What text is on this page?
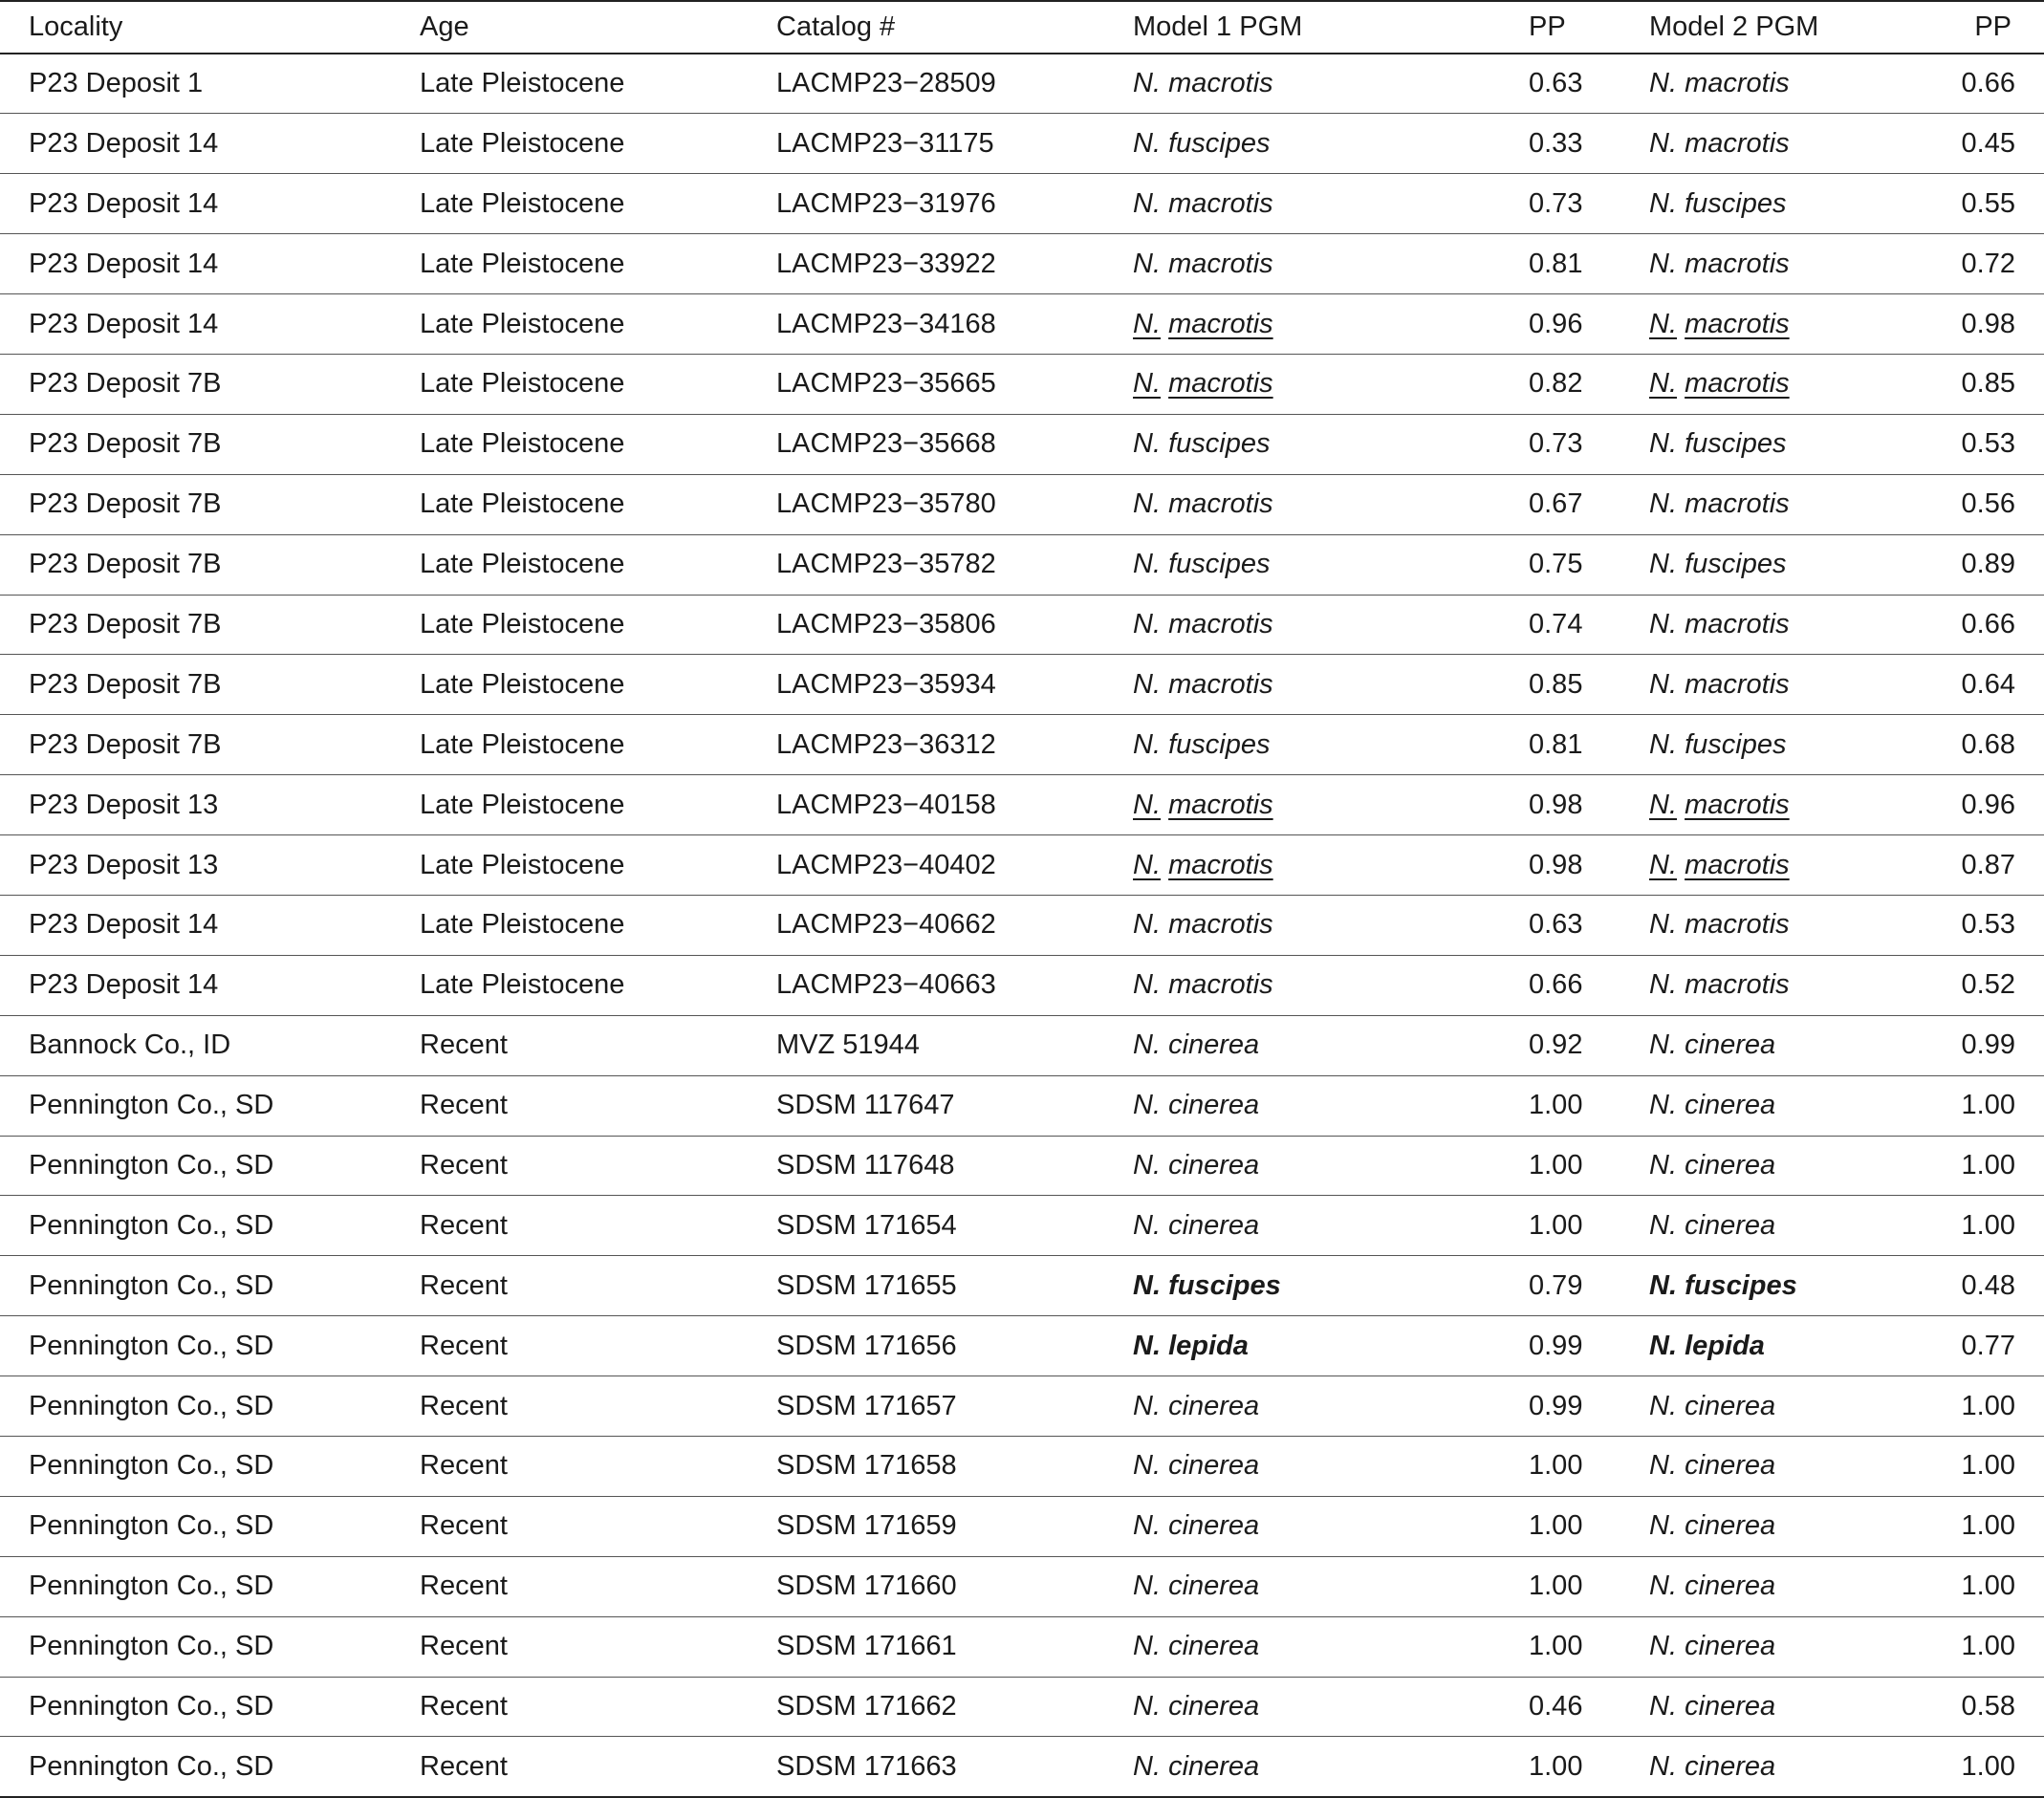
Locality	Age	Catalog #	Model 1 PGM	PP	Model 2 PGM	PP
P23 Deposit 1	Late Pleistocene	LACMP23−28509	N. macrotis	0.63	N. macrotis	0.66
P23 Deposit 14	Late Pleistocene	LACMP23−31175	N. fuscipes	0.33	N. macrotis	0.45
P23 Deposit 14	Late Pleistocene	LACMP23−31976	N. macrotis	0.73	N. fuscipes	0.55
P23 Deposit 14	Late Pleistocene	LACMP23−33922	N. macrotis	0.81	N. macrotis	0.72
P23 Deposit 14	Late Pleistocene	LACMP23−34168	N. macrotis	0.96	N. macrotis	0.98
P23 Deposit 7B	Late Pleistocene	LACMP23−35665	N. macrotis	0.82	N. macrotis	0.85
P23 Deposit 7B	Late Pleistocene	LACMP23−35668	N. fuscipes	0.73	N. fuscipes	0.53
P23 Deposit 7B	Late Pleistocene	LACMP23−35780	N. macrotis	0.67	N. macrotis	0.56
P23 Deposit 7B	Late Pleistocene	LACMP23−35782	N. fuscipes	0.75	N. fuscipes	0.89
P23 Deposit 7B	Late Pleistocene	LACMP23−35806	N. macrotis	0.74	N. macrotis	0.66
P23 Deposit 7B	Late Pleistocene	LACMP23−35934	N. macrotis	0.85	N. macrotis	0.64
P23 Deposit 7B	Late Pleistocene	LACMP23−36312	N. fuscipes	0.81	N. fuscipes	0.68
P23 Deposit 13	Late Pleistocene	LACMP23−40158	N. macrotis	0.98	N. macrotis	0.96
P23 Deposit 13	Late Pleistocene	LACMP23−40402	N. macrotis	0.98	N. macrotis	0.87
P23 Deposit 14	Late Pleistocene	LACMP23−40662	N. macrotis	0.63	N. macrotis	0.53
P23 Deposit 14	Late Pleistocene	LACMP23−40663	N. macrotis	0.66	N. macrotis	0.52
Bannock Co., ID	Recent	MVZ 51944	N. cinerea	0.92	N. cinerea	0.99
Pennington Co., SD	Recent	SDSM 117647	N. cinerea	1.00	N. cinerea	1.00
Pennington Co., SD	Recent	SDSM 117648	N. cinerea	1.00	N. cinerea	1.00
Pennington Co., SD	Recent	SDSM 171654	N. cinerea	1.00	N. cinerea	1.00
Pennington Co., SD	Recent	SDSM 171655	N. fuscipes	0.79	N. fuscipes	0.48
Pennington Co., SD	Recent	SDSM 171656	N. lepida	0.99	N. lepida	0.77
Pennington Co., SD	Recent	SDSM 171657	N. cinerea	0.99	N. cinerea	1.00
Pennington Co., SD	Recent	SDSM 171658	N. cinerea	1.00	N. cinerea	1.00
Pennington Co., SD	Recent	SDSM 171659	N. cinerea	1.00	N. cinerea	1.00
Pennington Co., SD	Recent	SDSM 171660	N. cinerea	1.00	N. cinerea	1.00
Pennington Co., SD	Recent	SDSM 171661	N. cinerea	1.00	N. cinerea	1.00
Pennington Co., SD	Recent	SDSM 171662	N. cinerea	0.46	N. cinerea	0.58
Pennington Co., SD	Recent	SDSM 171663	N. cinerea	1.00	N. cinerea	1.00
